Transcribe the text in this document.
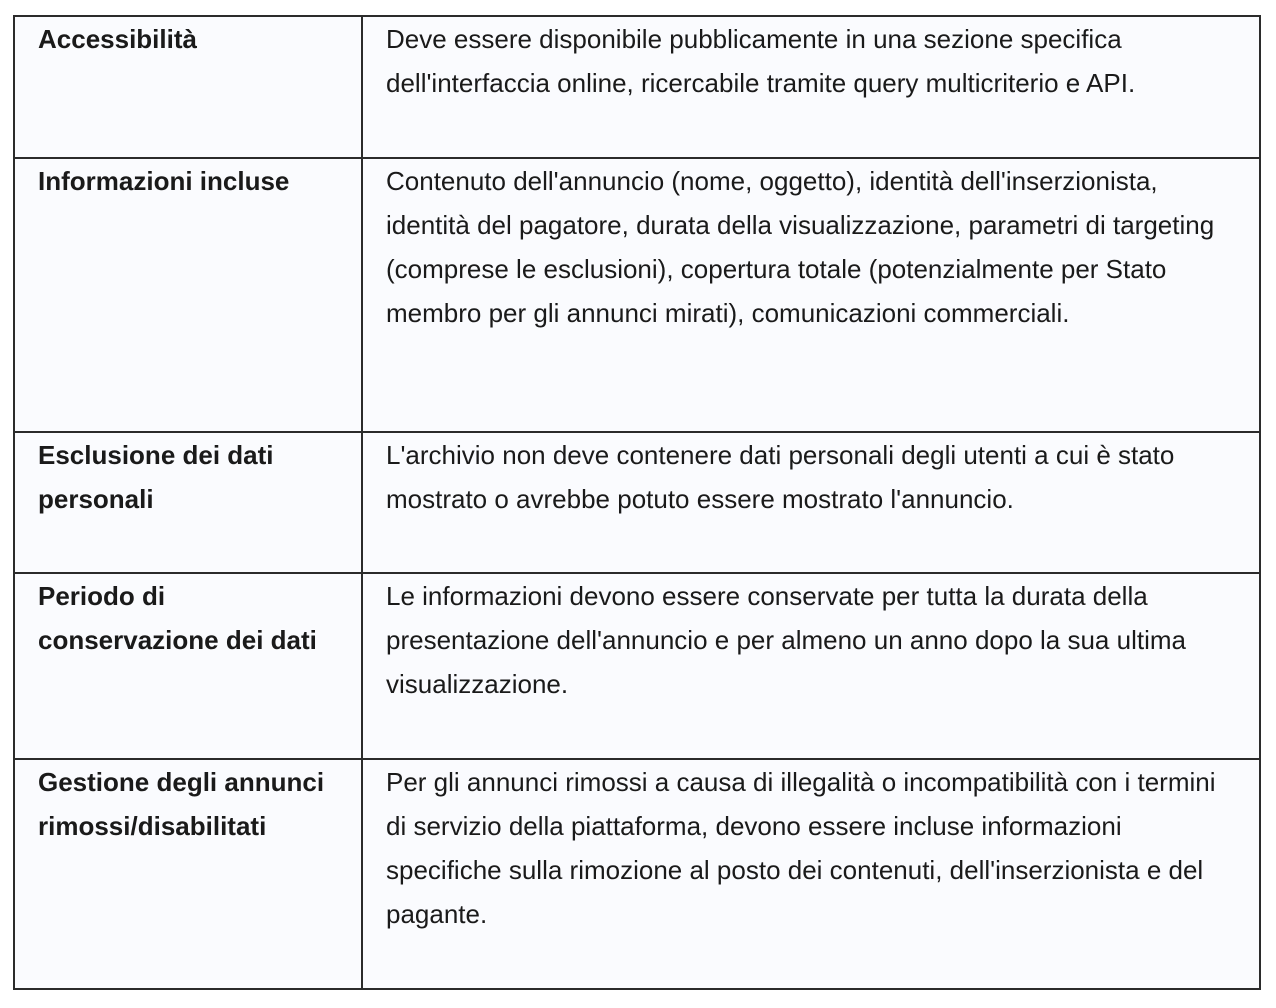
Accessibilità	Deve essere disponibile pubblicamente in una sezione specifica dell'interfaccia online, ricercabile tramite query multicriterio e API.

Informazioni incluse	Contenuto dell'annuncio (nome, oggetto), identità dell'inserzionista, identità del pagatore, durata della visualizzazione, parametri di targeting (comprese le esclusioni), copertura totale (potenzialmente per Stato membro per gli annunci mirati), comunicazioni commerciali.

Esclusione dei dati personali	L'archivio non deve contenere dati personali degli utenti a cui è stato mostrato o avrebbe potuto essere mostrato l'annuncio.

Periodo di conservazione dei dati	Le informazioni devono essere conservate per tutta la durata della presentazione dell'annuncio e per almeno un anno dopo la sua ultima visualizzazione.

Gestione degli annunci rimossi/disabilitati	Per gli annunci rimossi a causa di illegalità o incompatibilità con i termini di servizio della piattaforma, devono essere incluse informazioni specifiche sulla rimozione al posto dei contenuti, dell'inserzionista e del pagante.
